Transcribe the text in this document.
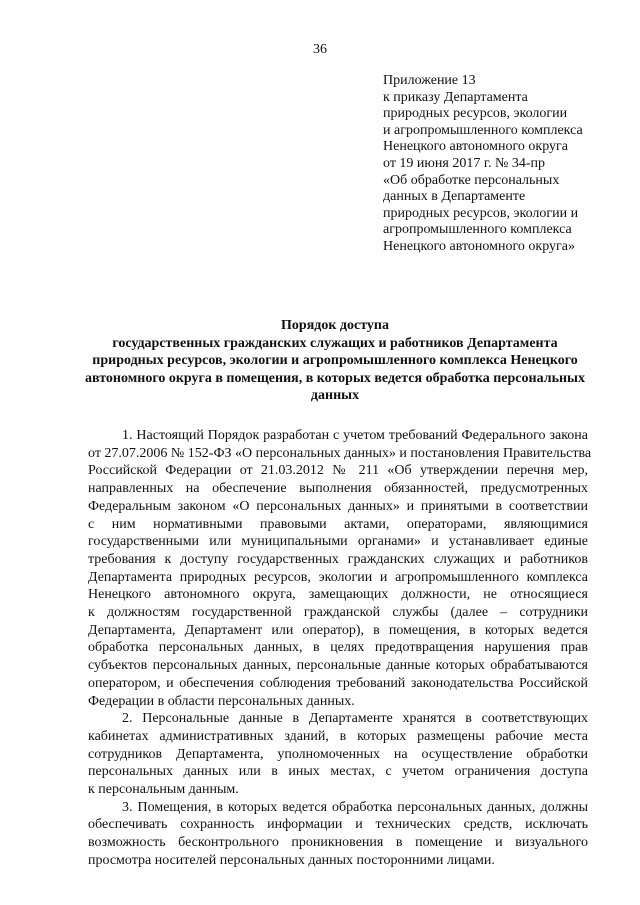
36
Приложение 13
к приказу Департамента
природных ресурсов, экологии
и агропромышленного комплекса
Ненецкого автономного округа
от 19 июня 2017 г. № 34-пр
«Об обработке персональных
данных в Департаменте
природных ресурсов, экологии и
агропромышленного комплекса
Ненецкого автономного округа»
Порядок доступа
государственных гражданских служащих и работников Департамента
природных ресурсов, экологии и агропромышленного комплекса Ненецкого
автономного округа в помещения, в которых ведется обработка персональных
данных
1. Настоящий Порядок разработан с учетом требований Федерального закона
от 27.07.2006 № 152-ФЗ «О персональных данных» и постановления Правительства
Российской Федерации от 21.03.2012 № 211 «Об утверждении перечня мер,
направленных на обеспечение выполнения обязанностей, предусмотренных
Федеральным законом «О персональных данных» и принятыми в соответствии
с ним нормативными правовыми актами, операторами, являющимися
государственными или муниципальными органами» и устанавливает единые
требования к доступу государственных гражданских служащих и работников
Департамента природных ресурсов, экологии и агропромышленного комплекса
Ненецкого автономного округа, замещающих должности, не относящиеся
к должностям государственной гражданской службы (далее – сотрудники
Департамента, Департамент или оператор), в помещения, в которых ведется
обработка персональных данных, в целях предотвращения нарушения прав
субъектов персональных данных, персональные данные которых обрабатываются
оператором, и обеспечения соблюдения требований законодательства Российской
Федерации в области персональных данных.
2. Персональные данные в Департаменте хранятся в соответствующих
кабинетах административных зданий, в которых размещены рабочие места
сотрудников Департамента, уполномоченных на осуществление обработки
персональных данных или в иных местах, с учетом ограничения доступа
к персональным данным.
3. Помещения, в которых ведется обработка персональных данных, должны
обеспечивать сохранность информации и технических средств, исключать
возможность бесконтрольного проникновения в помещение и визуального
просмотра носителей персональных данных посторонними лицами.
